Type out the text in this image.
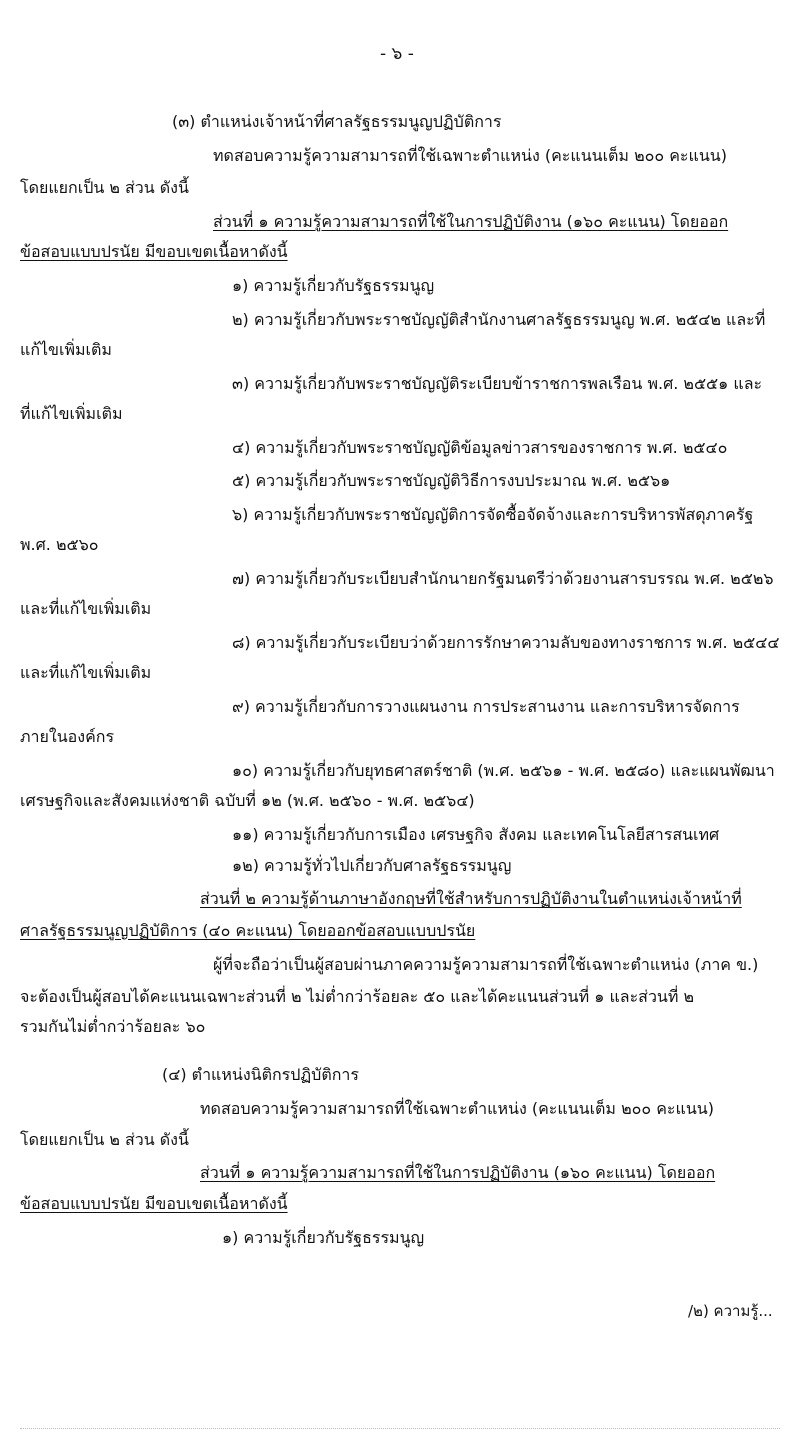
- ๖ -
(๓) ตำแหน่งเจ้าหน้าที่ศาลรัฐธรรมนูญปฏิบัติการ
ทดสอบความรู้ความสามารถที่ใช้เฉพาะตำแหน่ง (คะแนนเต็ม ๒๐๐ คะแนน)
โดยแยกเป็น ๒ ส่วน ดังนี้
ส่วนที่ ๑ ความรู้ความสามารถที่ใช้ในการปฏิบัติงาน (๑๖๐ คะแนน) โดยออก
ข้อสอบแบบปรนัย มีขอบเขตเนื้อหาดังนี้
๑) ความรู้เกี่ยวกับรัฐธรรมนูญ
๒) ความรู้เกี่ยวกับพระราชบัญญัติสำนักงานศาลรัฐธรรมนูญ พ.ศ. ๒๕๔๒ และที่
แก้ไขเพิ่มเติม
๓) ความรู้เกี่ยวกับพระราชบัญญัติระเบียบข้าราชการพลเรือน พ.ศ. ๒๕๕๑ และ
ที่แก้ไขเพิ่มเติม
๔) ความรู้เกี่ยวกับพระราชบัญญัติข้อมูลข่าวสารของราชการ พ.ศ. ๒๕๔๐
๕) ความรู้เกี่ยวกับพระราชบัญญัติวิธีการงบประมาณ พ.ศ. ๒๕๖๑
๖) ความรู้เกี่ยวกับพระราชบัญญัติการจัดซื้อจัดจ้างและการบริหารพัสดุภาครัฐ
พ.ศ. ๒๕๖๐
๗) ความรู้เกี่ยวกับระเบียบสำนักนายกรัฐมนตรีว่าด้วยงานสารบรรณ พ.ศ. ๒๕๒๖
และที่แก้ไขเพิ่มเติม
๘) ความรู้เกี่ยวกับระเบียบว่าด้วยการรักษาความลับของทางราชการ พ.ศ. ๒๕๔๔
และที่แก้ไขเพิ่มเติม
๙) ความรู้เกี่ยวกับการวางแผนงาน การประสานงาน และการบริหารจัดการ
ภายในองค์กร
๑๐) ความรู้เกี่ยวกับยุทธศาสตร์ชาติ (พ.ศ. ๒๕๖๑ - พ.ศ. ๒๕๘๐) และแผนพัฒนา
เศรษฐกิจและสังคมแห่งชาติ ฉบับที่ ๑๒ (พ.ศ. ๒๕๖๐ - พ.ศ. ๒๕๖๔)
๑๑) ความรู้เกี่ยวกับการเมือง เศรษฐกิจ สังคม และเทคโนโลยีสารสนเทศ
๑๒) ความรู้ทั่วไปเกี่ยวกับศาลรัฐธรรมนูญ
ส่วนที่ ๒ ความรู้ด้านภาษาอังกฤษที่ใช้สำหรับการปฏิบัติงานในตำแหน่งเจ้าหน้าที่
ศาลรัฐธรรมนูญปฏิบัติการ (๔๐ คะแนน) โดยออกข้อสอบแบบปรนัย
ผู้ที่จะถือว่าเป็นผู้สอบผ่านภาคความรู้ความสามารถที่ใช้เฉพาะตำแหน่ง (ภาค ข.)
จะต้องเป็นผู้สอบได้คะแนนเฉพาะส่วนที่ ๒ ไม่ต่ำกว่าร้อยละ ๕๐ และได้คะแนนส่วนที่ ๑ และส่วนที่ ๒
รวมกันไม่ต่ำกว่าร้อยละ ๖๐
(๔) ตำแหน่งนิติกรปฏิบัติการ
ทดสอบความรู้ความสามารถที่ใช้เฉพาะตำแหน่ง (คะแนนเต็ม ๒๐๐ คะแนน)
โดยแยกเป็น ๒ ส่วน ดังนี้
ส่วนที่ ๑ ความรู้ความสามารถที่ใช้ในการปฏิบัติงาน (๑๖๐ คะแนน) โดยออก
ข้อสอบแบบปรนัย มีขอบเขตเนื้อหาดังนี้
๑) ความรู้เกี่ยวกับรัฐธรรมนูญ
/๒) ความรู้...
